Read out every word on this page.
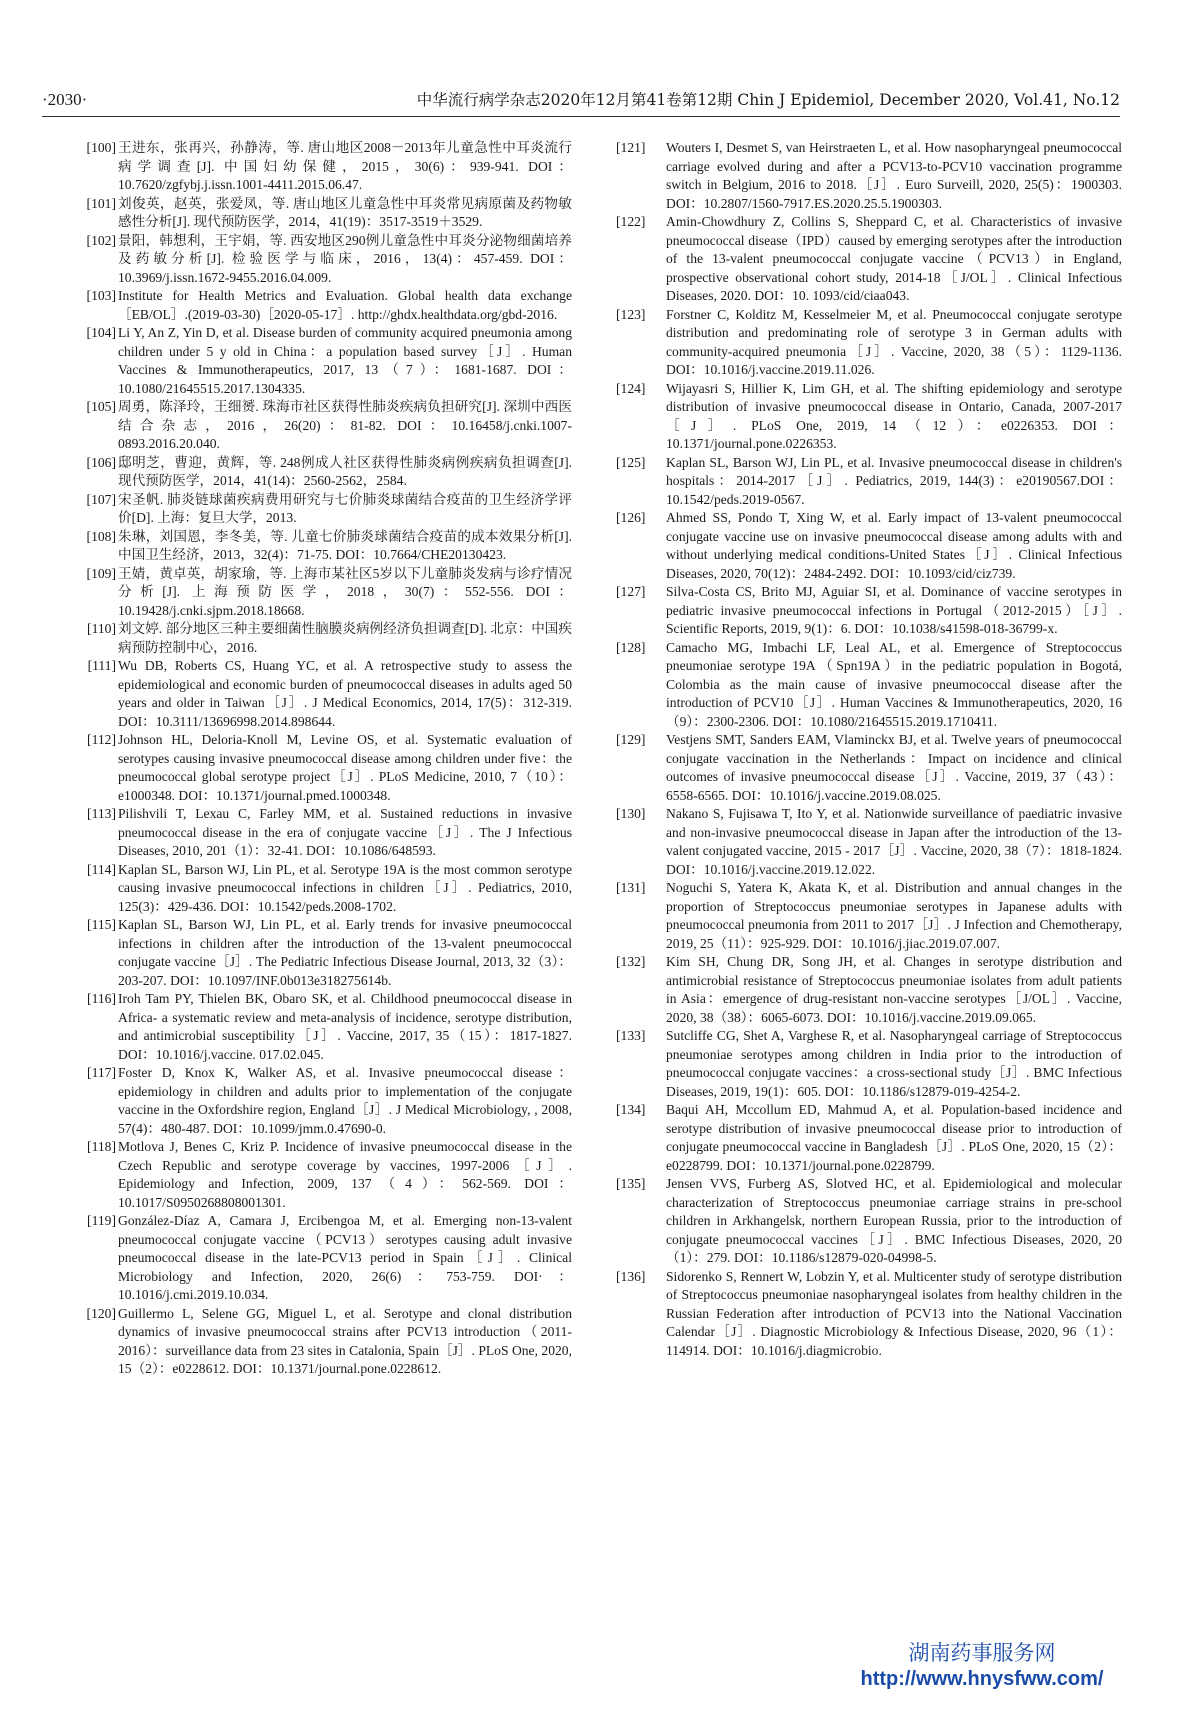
·2030·	中华流行病学杂志2020年12月第41卷第12期 Chin J Epidemiol, December 2020, Vol.41, No.12

[100] 王进东，张再兴，孙静涛，等. 唐山地区2008－2013年儿童急性中耳炎流行病学调查[J]. 中国妇幼保健，2015，30(6)：939-941. DOI：10.7620/zgfybj.j.issn.1001-4411.2015.06.47.

[101] 刘俊英，赵英，张爱凤，等. 唐山地区儿童急性中耳炎常见病原菌及药物敏感性分析[J]. 现代预防医学，2014，41(19)：3517-3519＋3529.

[102] 景阳，韩想利，王宇娟，等. 西安地区290例儿童急性中耳炎分泌物细菌培养及药敏分析[J]. 检验医学与临床，2016，13(4)：457-459. DOI：10.3969/j.issn.1672-9455.2016.04.009.

[103] Institute for Health Metrics and Evaluation. Global health data exchange［EB/OL］.(2019-03-30)［2020-05-17］. http://ghdx.healthdata.org/gbd-2016.

[104] Li Y, An Z, Yin D, et al. Disease burden of community acquired pneumonia among children under 5 y old in China：a population based survey［J］. Human Vaccines & Immunotherapeutics, 2017, 13（7）：1681-1687. DOI：10.1080/21645515.2017.1304335.

[105] 周勇，陈泽玲，王细赟. 珠海市社区获得性肺炎疾病负担研究[J]. 深圳中西医结合杂志，2016，26(20)：81-82. DOI：10.16458/j.cnki.1007-0893.2016.20.040.

[106] 邸明芝，曹迎，黄辉，等. 248例成人社区获得性肺炎病例疾病负担调查[J]. 现代预防医学，2014，41(14)：2560-2562，2584.

[107] 宋圣帆. 肺炎链球菌疾病费用研究与七价肺炎球菌结合疫苗的卫生经济学评价[D]. 上海：复旦大学，2013.

[108] 朱琳，刘国恩，李冬美，等. 儿童七价肺炎球菌结合疫苗的成本效果分析[J]. 中国卫生经济，2013，32(4)：71-75. DOI：10.7664/CHE20130423.

[109] 王婧，黄卓英，胡家瑜，等. 上海市某社区5岁以下儿童肺炎发病与诊疗情况分析[J]. 上海预防医学，2018，30(7)：552-556. DOI：10.19428/j.cnki.sjpm.2018.18668.

[110] 刘文婷. 部分地区三种主要细菌性脑膜炎病例经济负担调查[D]. 北京：中国疾病预防控制中心，2016.

[111] Wu DB, Roberts CS, Huang YC, et al. A retrospective study to assess the epidemiological and economic burden of pneumococcal diseases in adults aged 50 years and older in Taiwan［J］. J Medical Economics, 2014, 17(5)：312-319. DOI：10.3111/13696998.2014.898644.

[112] Johnson HL, Deloria-Knoll M, Levine OS, et al. Systematic evaluation of serotypes causing invasive pneumococcal disease among children under five：the pneumococcal global serotype project［J］. PLoS Medicine, 2010, 7（10）：e1000348. DOI：10.1371/journal.pmed.1000348.

[113] Pilishvili T, Lexau C, Farley MM, et al. Sustained reductions in invasive pneumococcal disease in the era of conjugate vaccine［J］. The J Infectious Diseases, 2010, 201（1）：32-41. DOI：10.1086/648593.

[114] Kaplan SL, Barson WJ, Lin PL, et al. Serotype 19A is the most common serotype causing invasive pneumococcal infections in children［J］. Pediatrics, 2010, 125(3)：429-436. DOI：10.1542/peds.2008-1702.

[115] Kaplan SL, Barson WJ, Lin PL, et al. Early trends for invasive pneumococcal infections in children after the introduction of the 13-valent pneumococcal conjugate vaccine［J］. The Pediatric Infectious Disease Journal, 2013, 32（3）：203-207. DOI：10.1097/INF.0b013e318275614b.

[116] Iroh Tam PY, Thielen BK, Obaro SK, et al. Childhood pneumococcal disease in Africa- a systematic review and meta-analysis of incidence, serotype distribution, and antimicrobial susceptibility［J］. Vaccine, 2017, 35（15）：1817-1827. DOI：10.1016/j.vaccine. 017.02.045.

[117] Foster D, Knox K, Walker AS, et al. Invasive pneumococcal disease：epidemiology in children and adults prior to implementation of the conjugate vaccine in the Oxfordshire region, England［J］. J Medical Microbiology, , 2008, 57(4)：480-487. DOI：10.1099/jmm.0.47690-0.

[118] Motlova J, Benes C, Kriz P. Incidence of invasive pneumococcal disease in the Czech Republic and serotype coverage by vaccines, 1997-2006［J］. Epidemiology and Infection, 2009, 137（4）：562-569. DOI：10.1017/S0950268808001301.

[119] González-Díaz A, Camara J, Ercibengoa M, et al. Emerging non-13-valent pneumococcal conjugate vaccine（PCV13）serotypes causing adult invasive pneumococcal disease in the late-PCV13 period in Spain［J］. Clinical Microbiology and Infection, 2020, 26(6)：753-759. DOI·：10.1016/j.cmi.2019.10.034.

[120] Guillermo L, Selene GG, Miguel L, et al. Serotype and clonal distribution dynamics of invasive pneumococcal strains after PCV13 introduction（2011-2016）：surveillance data from 23 sites in Catalonia, Spain［J］. PLoS One, 2020, 15（2）：e0228612. DOI：10.1371/journal.pone.0228612.

[121]	Wouters I, Desmet S, van Heirstraeten L, et al. How nasopharyngeal pneumococcal carriage evolved during and after a PCV13-to-PCV10 vaccination programme switch in Belgium, 2016 to 2018.［J］. Euro Surveill, 2020, 25(5)：1900303. DOI：10.2807/1560-7917.ES.2020.25.5.1900303.

[122]	Amin-Chowdhury Z, Collins S, Sheppard C, et al. Characteristics of invasive pneumococcal disease（IPD）caused by emerging serotypes after the introduction of the 13-valent pneumococcal conjugate vaccine（PCV13）in England, prospective observational cohort study, 2014-18［J/OL］. Clinical Infectious Diseases, 2020. DOI：10. 1093/cid/ciaa043.

[123]	Forstner C, Kolditz M, Kesselmeier M, et al. Pneumococcal conjugate serotype distribution and predominating role of serotype 3 in German adults with community-acquired pneumonia［J］. Vaccine, 2020, 38（5）：1129-1136. DOI：10.1016/j.vaccine.2019.11.026.

[124]	Wijayasri S, Hillier K, Lim GH, et al. The shifting epidemiology and serotype distribution of invasive pneumococcal disease in Ontario, Canada, 2007-2017［J］. PLoS One, 2019, 14（12）：e0226353. DOI：10.1371/journal.pone.0226353.

[125]	Kaplan SL, Barson WJ, Lin PL, et al. Invasive pneumococcal disease in children's hospitals：2014-2017［J］. Pediatrics, 2019, 144(3)：e20190567.DOI：10.1542/peds.2019-0567.

[126]	Ahmed SS, Pondo T, Xing W, et al. Early impact of 13-valent pneumococcal conjugate vaccine use on invasive pneumococcal disease among adults with and without underlying medical conditions-United States［J］. Clinical Infectious Diseases, 2020, 70(12)：2484-2492. DOI：10.1093/cid/ciz739.

[127]	Silva-Costa CS, Brito MJ, Aguiar SI, et al. Dominance of vaccine serotypes in pediatric invasive pneumococcal infections in Portugal（2012-2015）［J］. Scientific Reports, 2019, 9(1)：6. DOI：10.1038/s41598-018-36799-x.

[128]	Camacho MG, Imbachi LF, Leal AL, et al. Emergence of Streptococcus pneumoniae serotype 19A（Spn19A）in the pediatric population in Bogotá, Colombia as the main cause of invasive pneumococcal disease after the introduction of PCV10［J］. Human Vaccines & Immunotherapeutics, 2020, 16（9）：2300-2306. DOI：10.1080/21645515.2019.1710411.

[129]	Vestjens SMT, Sanders EAM, Vlaminckx BJ, et al. Twelve years of pneumococcal conjugate vaccination in the Netherlands：Impact on incidence and clinical outcomes of invasive pneumococcal disease［J］. Vaccine, 2019, 37（43）：6558-6565. DOI：10.1016/j.vaccine.2019.08.025.

[130]	Nakano S, Fujisawa T, Ito Y, et al. Nationwide surveillance of paediatric invasive and non-invasive pneumococcal disease in Japan after the introduction of the 13-valent conjugated vaccine, 2015 - 2017［J］. Vaccine, 2020, 38（7）：1818-1824. DOI：10.1016/j.vaccine.2019.12.022.

[131]	Noguchi S, Yatera K, Akata K, et al. Distribution and annual changes in the proportion of Streptococcus pneumoniae serotypes in Japanese adults with pneumococcal pneumonia from 2011 to 2017［J］. J Infection and Chemotherapy, 2019, 25（11）：925-929. DOI：10.1016/j.jiac.2019.07.007.

[132]	Kim SH, Chung DR, Song JH, et al. Changes in serotype distribution and antimicrobial resistance of Streptococcus pneumoniae isolates from adult patients in Asia：emergence of drug-resistant non-vaccine serotypes［J/OL］. Vaccine, 2020, 38（38）：6065-6073. DOI：10.1016/j.vaccine.2019.09.065.

[133]	Sutcliffe CG, Shet A, Varghese R, et al. Nasopharyngeal carriage of Streptococcus pneumoniae serotypes among children in India prior to the introduction of pneumococcal conjugate vaccines：a cross-sectional study［J］. BMC Infectious Diseases, 2019, 19(1)：605. DOI：10.1186/s12879-019-4254-2.

[134]	Baqui AH, Mccollum ED, Mahmud A, et al. Population-based incidence and serotype distribution of invasive pneumococcal disease prior to introduction of conjugate pneumococcal vaccine in Bangladesh［J］. PLoS One, 2020, 15（2）：e0228799. DOI：10.1371/journal.pone.0228799.

[135]	Jensen VVS, Furberg AS, Slotved HC, et al. Epidemiological and molecular characterization of Streptococcus pneumoniae carriage strains in pre-school children in Arkhangelsk, northern European Russia, prior to the introduction of conjugate pneumococcal vaccines［J］. BMC Infectious Diseases, 2020, 20（1）：279. DOI：10.1186/s12879-020-04998-5.

[136]	Sidorenko S, Rennert W, Lobzin Y, et al. Multicenter study of serotype distribution of Streptococcus pneumoniae nasopharyngeal isolates from healthy children in the Russian Federation after introduction of PCV13 into the National Vaccination Calendar［J］. Diagnostic Microbiology & Infectious Disease, 2020, 96（1）：114914. DOI：10.1016/j.diagmicrobio.

湖南药事服务网
http://www.hnysfww.com/
